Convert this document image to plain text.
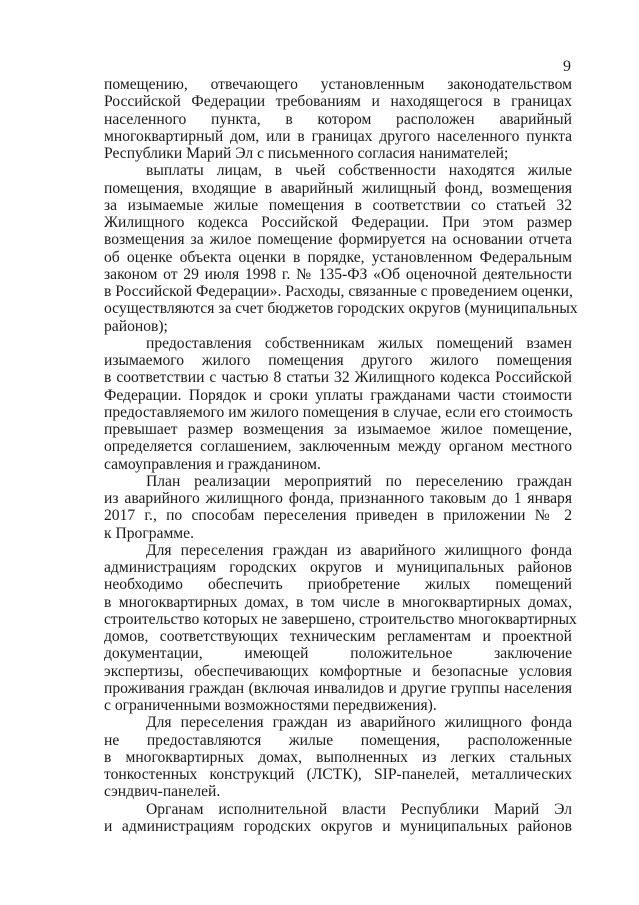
9
помещению, отвечающего установленным законодательством
Российской Федерации требованиям и находящегося в границах
населенного пункта, в котором расположен аварийный
многоквартирный дом, или в границах другого населенного пункта
Республики Марий Эл с письменного согласия нанимателей;
выплаты лицам, в чьей собственности находятся жилые
помещения, входящие в аварийный жилищный фонд, возмещения
за изымаемые жилые помещения в соответствии со статьей 32
Жилищного кодекса Российской Федерации. При этом размер
возмещения за жилое помещение формируется на основании отчета
об оценке объекта оценки в порядке, установленном Федеральным
законом от 29 июля 1998 г. № 135-ФЗ «Об оценочной деятельности
в Российской Федерации». Расходы, связанные с проведением оценки,
осуществляются за счет бюджетов городских округов (муниципальных
районов);
предоставления собственникам жилых помещений взамен
изымаемого жилого помещения другого жилого помещения
в соответствии с частью 8 статьи 32 Жилищного кодекса Российской
Федерации. Порядок и сроки уплаты гражданами части стоимости
предоставляемого им жилого помещения в случае, если его стоимость
превышает размер возмещения за изымаемое жилое помещение,
определяется соглашением, заключенным между органом местного
самоуправления и гражданином.
План реализации мероприятий по переселению граждан
из аварийного жилищного фонда, признанного таковым до 1 января
2017 г., по способам переселения приведен в приложении № 2
к Программе.
Для переселения граждан из аварийного жилищного фонда
администрациям городских округов и муниципальных районов
необходимо обеспечить приобретение жилых помещений
в многоквартирных домах, в том числе в многоквартирных домах,
строительство которых не завершено, строительство многоквартирных
домов, соответствующих техническим регламентам и проектной
документации, имеющей положительное заключение
экспертизы, обеспечивающих комфортные и безопасные условия
проживания граждан (включая инвалидов и другие группы населения
с ограниченными возможностями передвижения).
Для переселения граждан из аварийного жилищного фонда
не предоставляются жилые помещения, расположенные
в многоквартирных домах, выполненных из легких стальных
тонкостенных конструкций (ЛСТК), SIP-панелей, металлических
сэндвич-панелей.
Органам исполнительной власти Республики Марий Эл
и администрациям городских округов и муниципальных районов
